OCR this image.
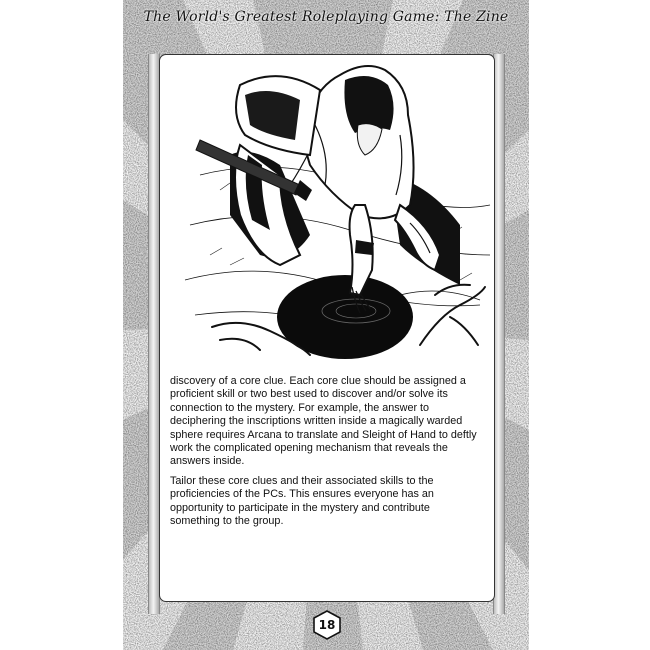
The World's Greatest Roleplaying Game: The Zine

discovery of a core clue. Each core clue should be assigned a proficient skill or two best used to discover and/or solve its connection to the mystery. For example, the answer to deciphering the inscriptions written inside a magically warded sphere requires Arcana to translate and Sleight of Hand to deftly work the complicated opening mechanism that reveals the answers inside.

Tailor these core clues and their associated skills to the proficiencies of the PCs. This ensures everyone has an opportunity to participate in the mystery and contribute something to the group.

18
